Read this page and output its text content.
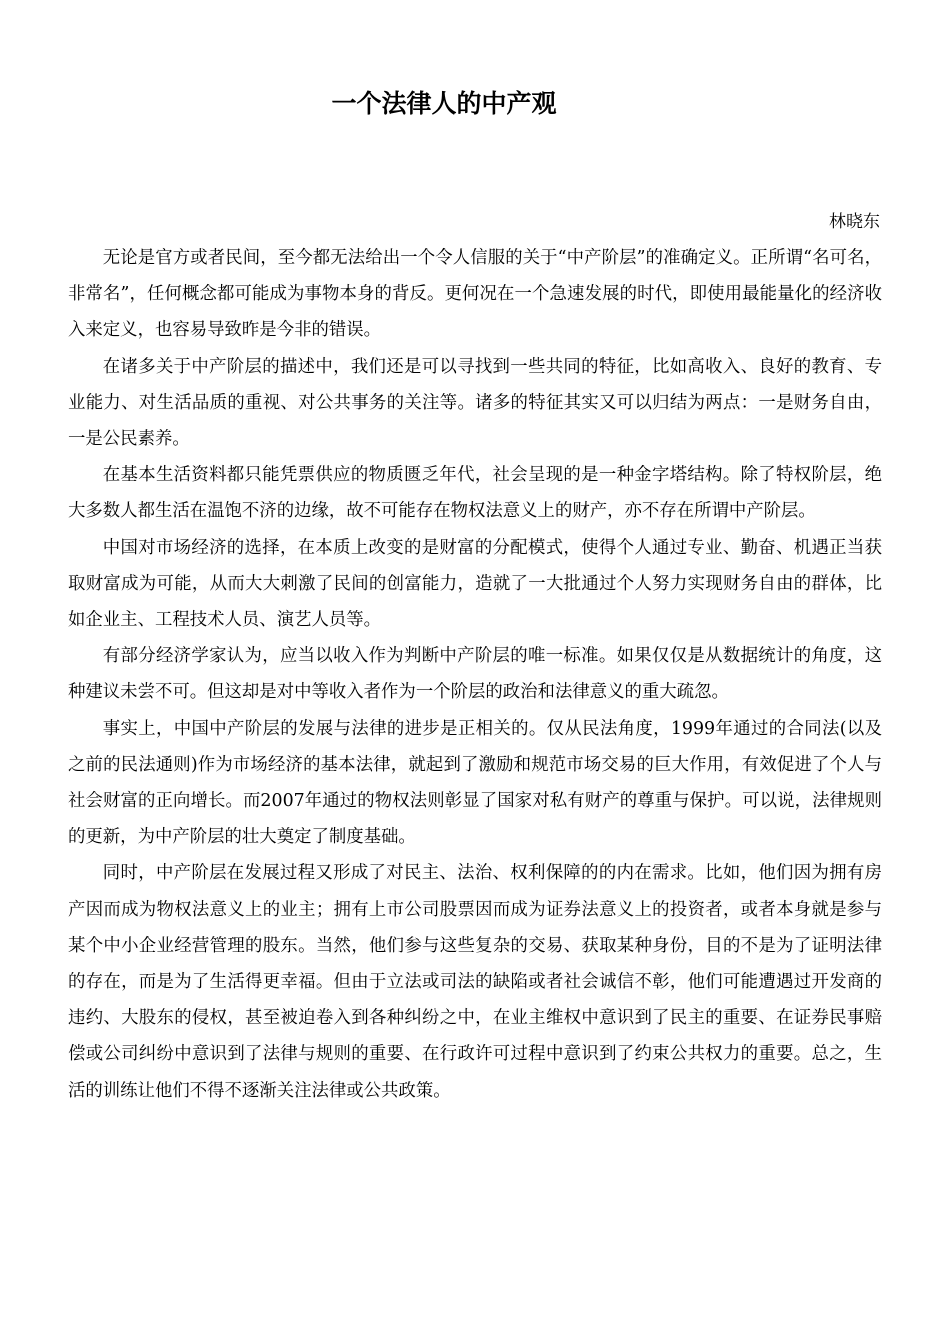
一个法律人的中产观
林晓东

无论是官方或者民间，至今都无法给出一个令人信服的关于“中产阶层”的准确定义。正所谓“名可名，非常名”，任何概念都可能成为事物本身的背反。更何况在一个急速发展的时代，即使用最能量化的经济收入来定义，也容易导致昨是今非的错误。

在诸多关于中产阶层的描述中，我们还是可以寻找到一些共同的特征，比如高收入、良好的教育、专业能力、对生活品质的重视、对公共事务的关注等。诸多的特征其实又可以归结为两点：一是财务自由，一是公民素养。

在基本生活资料都只能凭票供应的物质匮乏年代，社会呈现的是一种金字塔结构。除了特权阶层，绝大多数人都生活在温饱不济的边缘，故不可能存在物权法意义上的财产，亦不存在所谓中产阶层。

中国对市场经济的选择，在本质上改变的是财富的分配模式，使得个人通过专业、勤奋、机遇正当获取财富成为可能，从而大大刺激了民间的创富能力，造就了一大批通过个人努力实现财务自由的群体，比如企业主、工程技术人员、演艺人员等。

有部分经济学家认为，应当以收入作为判断中产阶层的唯一标准。如果仅仅是从数据统计的角度，这种建议未尝不可。但这却是对中等收入者作为一个阶层的政治和法律意义的重大疏忽。

事实上，中国中产阶层的发展与法律的进步是正相关的。仅从民法角度，1999年通过的合同法(以及之前的民法通则)作为市场经济的基本法律，就起到了激励和规范市场交易的巨大作用，有效促进了个人与社会财富的正向增长。而2007年通过的物权法则彰显了国家对私有财产的尊重与保护。可以说，法律规则的更新，为中产阶层的壮大奠定了制度基础。

同时，中产阶层在发展过程又形成了对民主、法治、权利保障的的内在需求。比如，他们因为拥有房产因而成为物权法意义上的业主；拥有上市公司股票因而成为证券法意义上的投资者，或者本身就是参与某个中小企业经营管理的股东。当然，他们参与这些复杂的交易、获取某种身份，目的不是为了证明法律的存在，而是为了生活得更幸福。但由于立法或司法的缺陷或者社会诚信不彰，他们可能遭遇过开发商的违约、大股东的侵权，甚至被迫卷入到各种纠纷之中，在业主维权中意识到了民主的重要、在证券民事赔偿或公司纠纷中意识到了法律与规则的重要、在行政许可过程中意识到了约束公共权力的重要。总之，生活的训练让他们不得不逐渐关注法律或公共政策。
